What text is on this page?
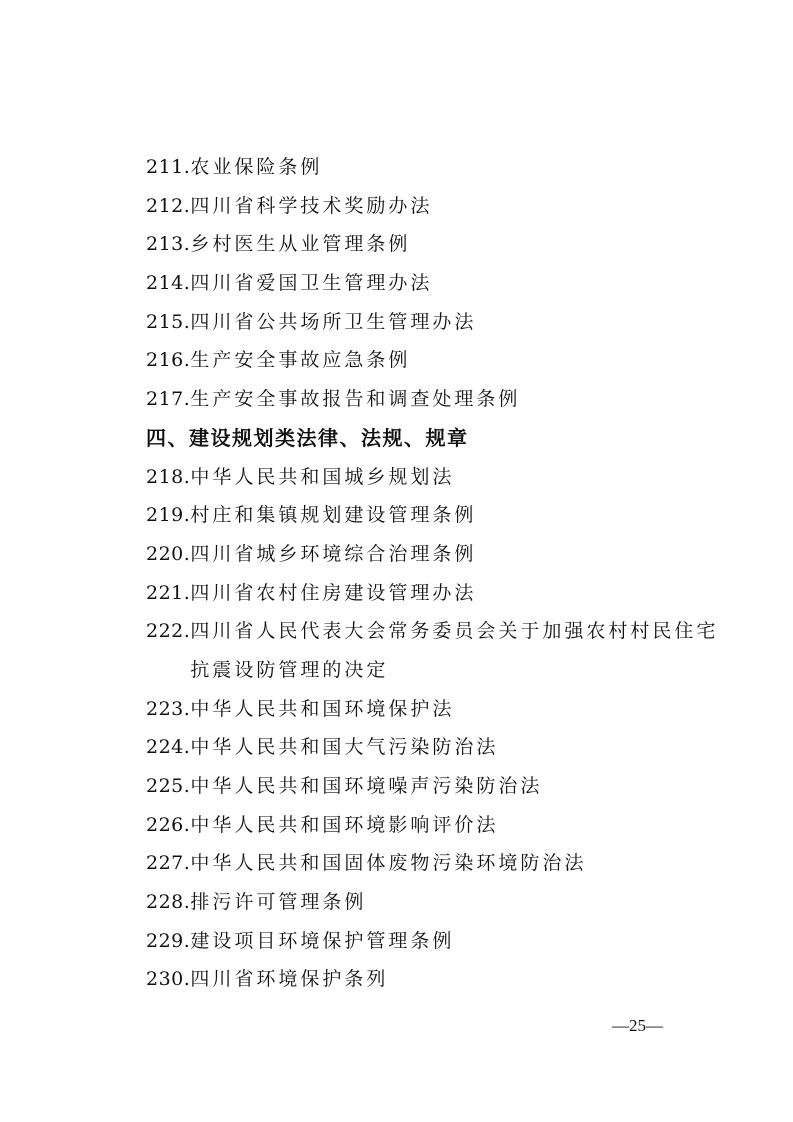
211. 农业保险条例
212. 四川省科学技术奖励办法
213. 乡村医生从业管理条例
214. 四川省爱国卫生管理办法
215. 四川省公共场所卫生管理办法
216. 生产安全事故应急条例
217. 生产安全事故报告和调查处理条例
四、建设规划类法律、法规、规章
218. 中华人民共和国城乡规划法
219. 村庄和集镇规划建设管理条例
220. 四川省城乡环境综合治理条例
221. 四川省农村住房建设管理办法
222. 四川省人民代表大会常务委员会关于加强农村村民住宅抗震设防管理的决定
223. 中华人民共和国环境保护法
224. 中华人民共和国大气污染防治法
225. 中华人民共和国环境噪声污染防治法
226. 中华人民共和国环境影响评价法
227. 中华人民共和国固体废物污染环境防治法
228. 排污许可管理条例
229. 建设项目环境保护管理条例
230. 四川省环境保护条列
—25—
